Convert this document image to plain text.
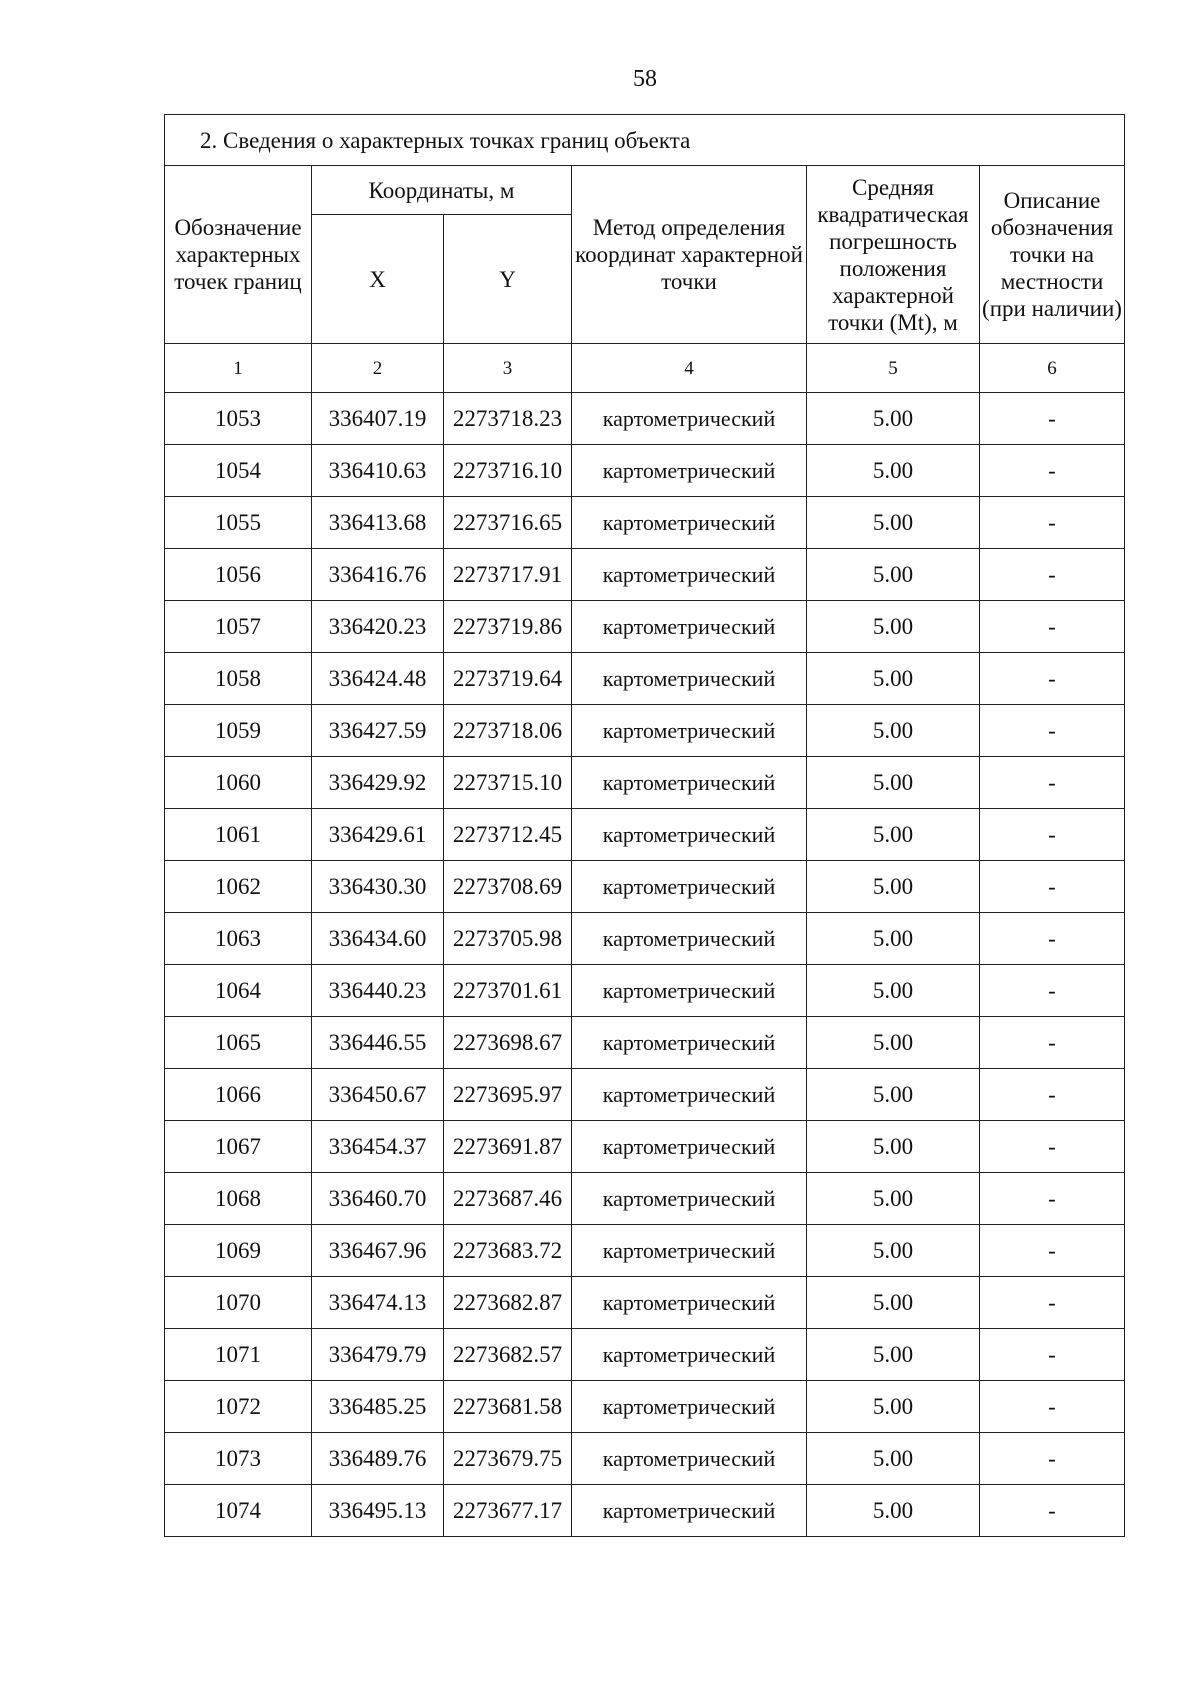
58
2. Сведения о характерных точках границ объекта					
Обозначение характерных точек границ	Координаты, м		Метод определения координат характерной точки	Средняя квадратическая погрешность положения характерной точки (Mt), м	Описание обозначения точки на местности (при наличии)
	X	Y			
1	2	3	4	5	6
1053	336407.19	2273718.23	картометрический	5.00	-
1054	336410.63	2273716.10	картометрический	5.00	-
1055	336413.68	2273716.65	картометрический	5.00	-
1056	336416.76	2273717.91	картометрический	5.00	-
1057	336420.23	2273719.86	картометрический	5.00	-
1058	336424.48	2273719.64	картометрический	5.00	-
1059	336427.59	2273718.06	картометрический	5.00	-
1060	336429.92	2273715.10	картометрический	5.00	-
1061	336429.61	2273712.45	картометрический	5.00	-
1062	336430.30	2273708.69	картометрический	5.00	-
1063	336434.60	2273705.98	картометрический	5.00	-
1064	336440.23	2273701.61	картометрический	5.00	-
1065	336446.55	2273698.67	картометрический	5.00	-
1066	336450.67	2273695.97	картометрический	5.00	-
1067	336454.37	2273691.87	картометрический	5.00	-
1068	336460.70	2273687.46	картометрический	5.00	-
1069	336467.96	2273683.72	картометрический	5.00	-
1070	336474.13	2273682.87	картометрический	5.00	-
1071	336479.79	2273682.57	картометрический	5.00	-
1072	336485.25	2273681.58	картометрический	5.00	-
1073	336489.76	2273679.75	картометрический	5.00	-
1074	336495.13	2273677.17	картометрический	5.00	-
